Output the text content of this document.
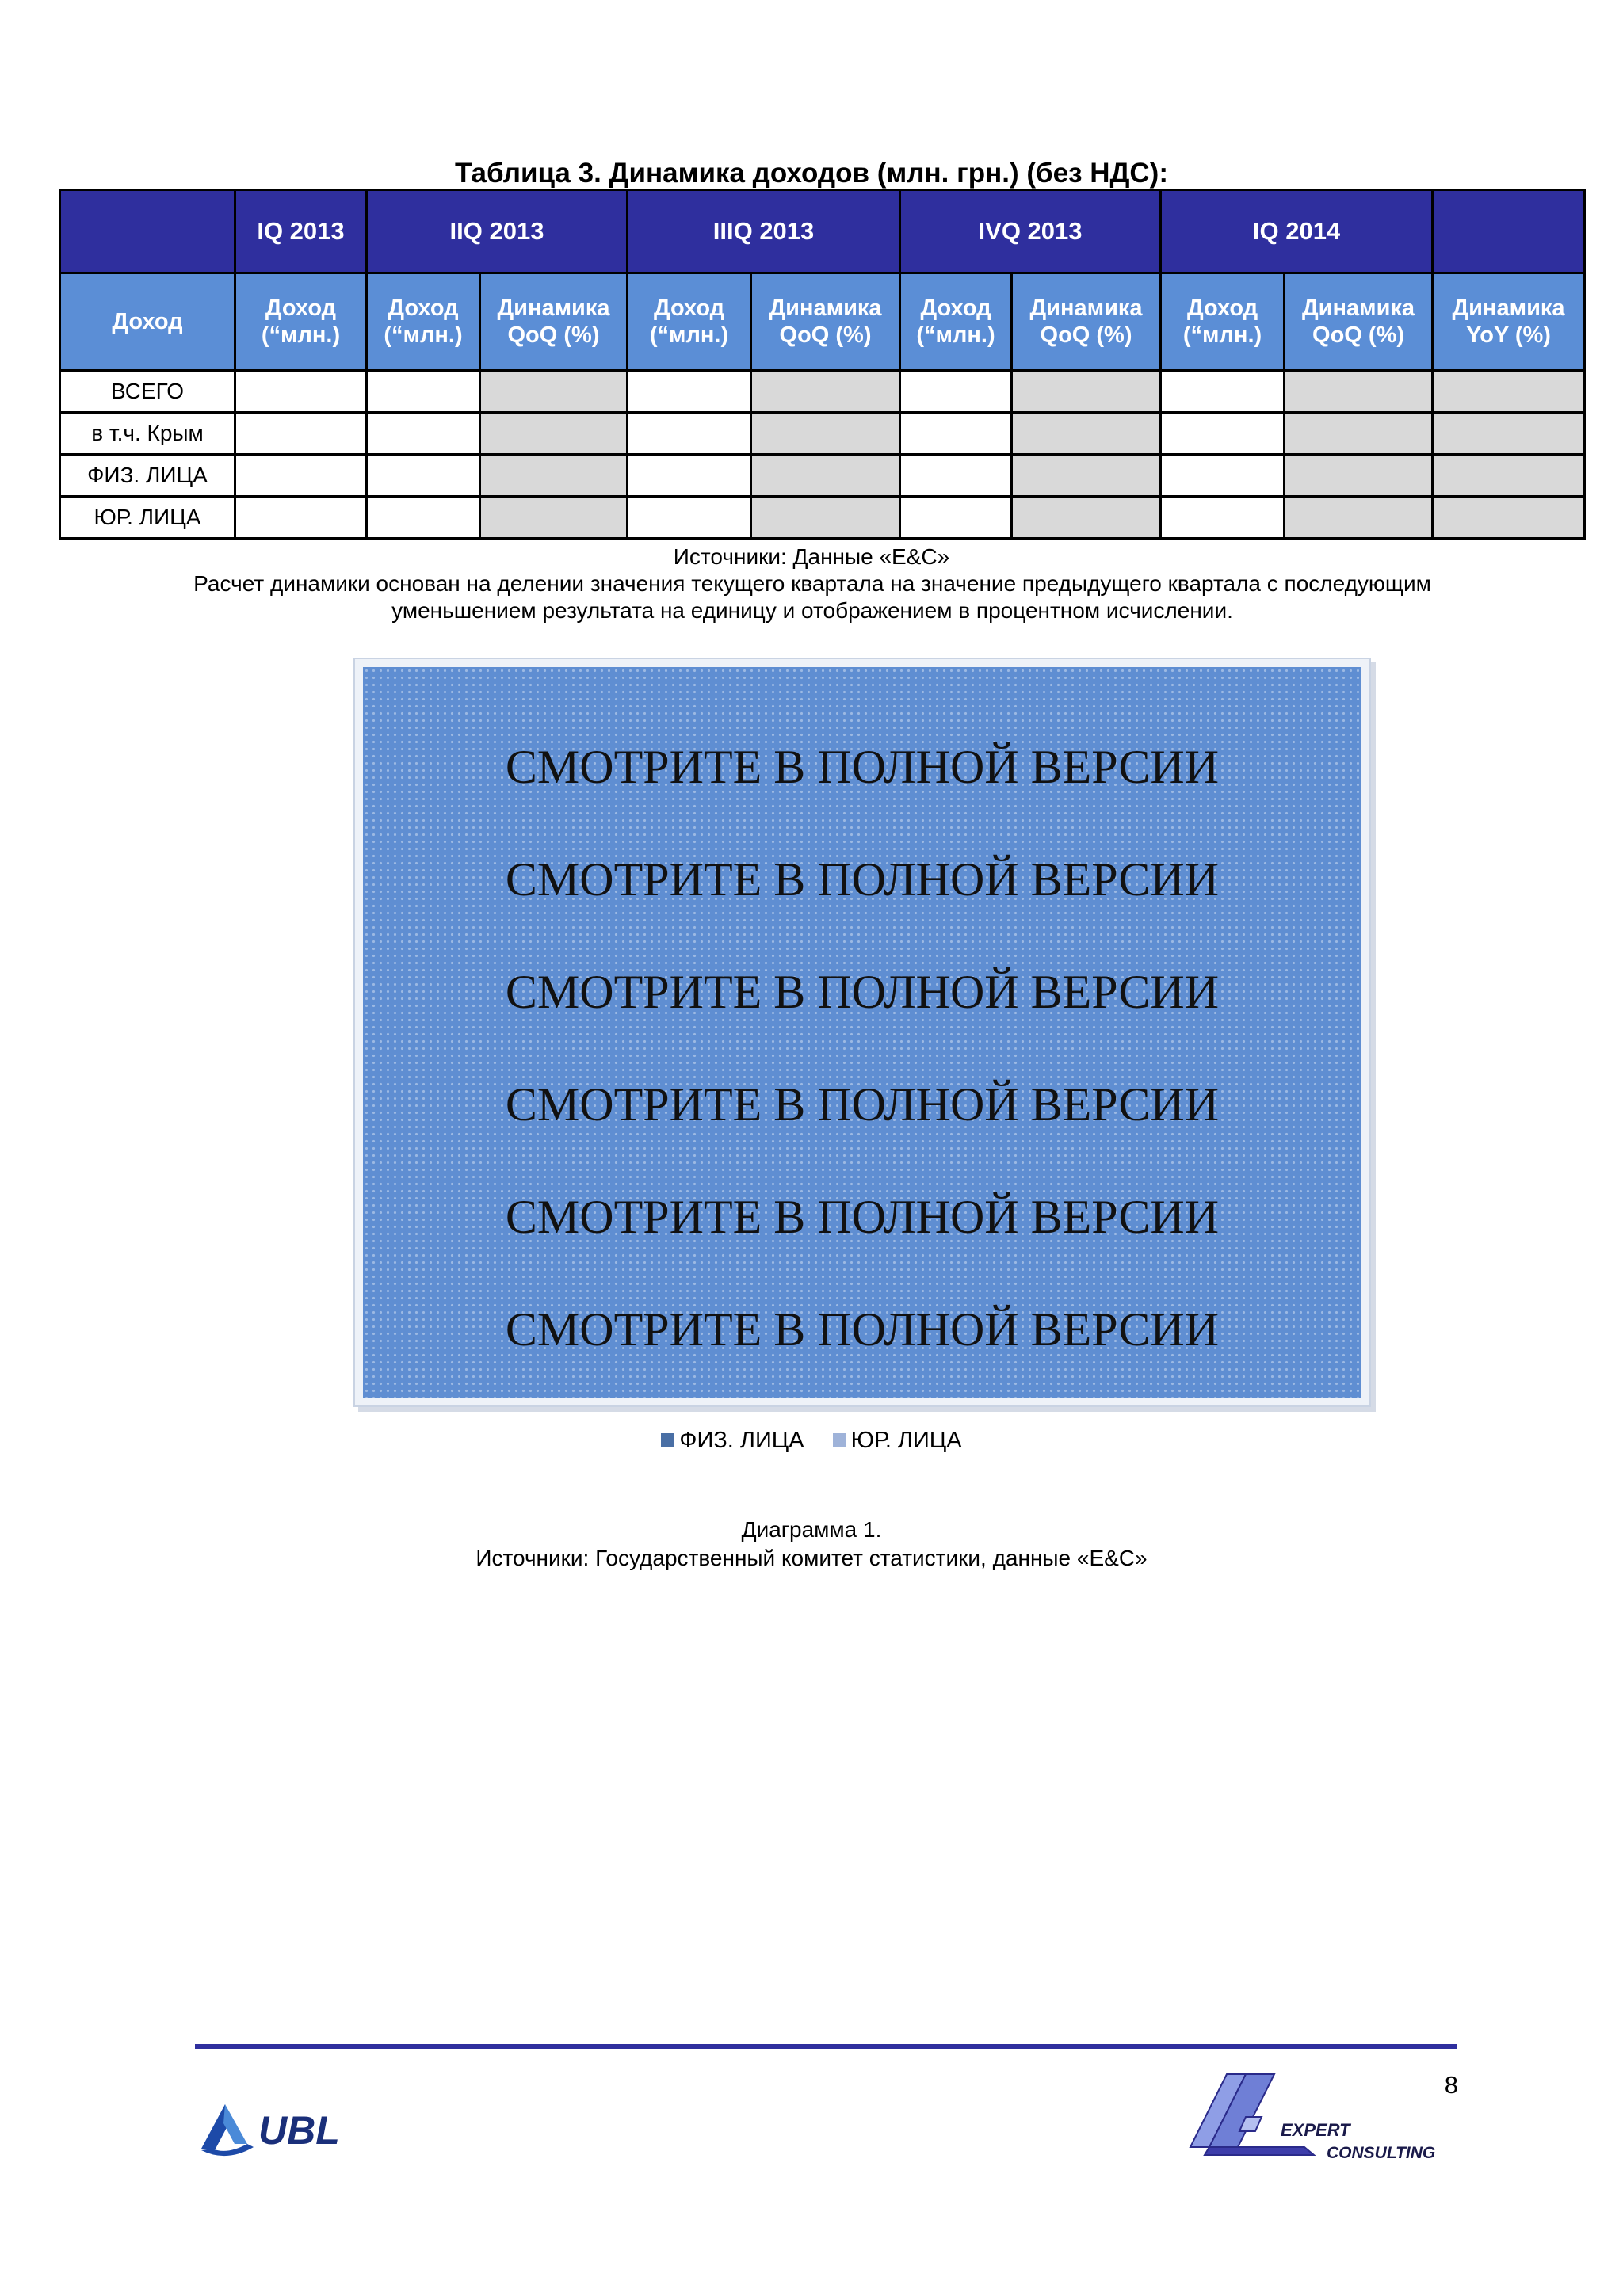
Таблица 3. Динамика доходов (млн. грн.) (без НДС):
	IQ 2013	IIQ 2013		IIIQ 2013		IVQ 2013		IQ 2014		
Доход	Доход (“млн.)	Доход (“млн.)	Динамика QoQ (%)	Доход (“млн.)	Динамика QoQ (%)	Доход (“млн.)	Динамика QoQ (%)	Доход (“млн.)	Динамика QoQ (%)	Динамика YoY (%)
ВСЕГО										
в т.ч. Крым										
ФИЗ. ЛИЦА										
ЮР. ЛИЦА										
Источники: Данные «E&C»
Расчет динамики основан на делении значения текущего квартала на значение предыдущего квартала с последующим уменьшением результата на единицу и отображением в процентном исчислении.
СМОТРИТЕ В ПОЛНОЙ ВЕРСИИ
СМОТРИТЕ В ПОЛНОЙ ВЕРСИИ
СМОТРИТЕ В ПОЛНОЙ ВЕРСИИ
СМОТРИТЕ В ПОЛНОЙ ВЕРСИИ
СМОТРИТЕ В ПОЛНОЙ ВЕРСИИ
СМОТРИТЕ В ПОЛНОЙ ВЕРСИИ
ФИЗ. ЛИЦА ЮР. ЛИЦА
Диаграмма 1.
Источники: Государственный комитет статистики, данные «E&C»
8
UBL	EXPERT
CONSULTING
